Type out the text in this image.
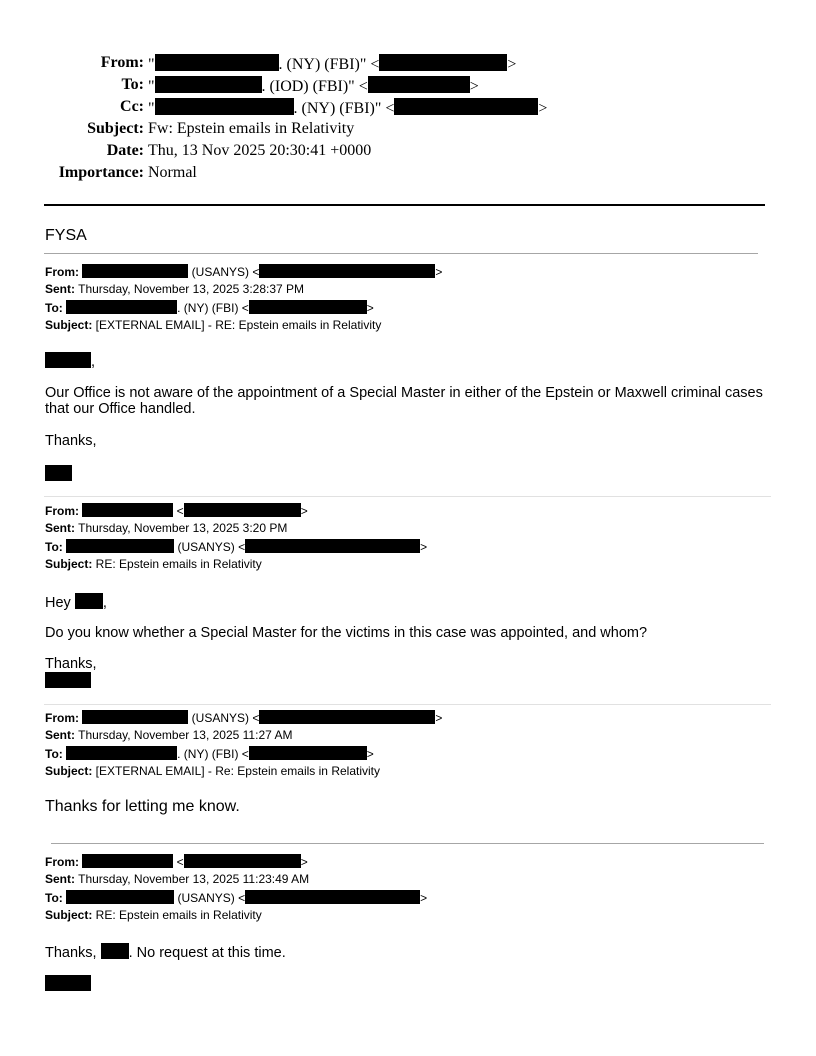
From: "	. (NY) (FBI)" <	>
To: "	. (IOD) (FBI)" <	>
Cc: "	. (NY) (FBI)" <	>
Subject: Fw: Epstein emails in Relativity
Date: Thu, 13 Nov 2025 20:30:41 +0000
Importance: Normal
FYSA
From:	(USANYS) <	>
Sent: Thursday, November 13, 2025 3:28:37 PM
To:	. (NY) (FBI) <	>
Subject: [EXTERNAL EMAIL] - RE: Epstein emails in Relativity
,
Our Office is not aware of the appointment of a Special Master in either of the Epstein or Maxwell criminal cases that our Office handled.
Thanks,
From:	<	>
Sent: Thursday, November 13, 2025 3:20 PM
To:	(USANYS) <	>
Subject: RE: Epstein emails in Relativity
Hey ,
Do you know whether a Special Master for the victims in this case was appointed, and whom?
Thanks,
From:	(USANYS) <	>
Sent: Thursday, November 13, 2025 11:27 AM
To:	. (NY) (FBI) <	>
Subject: [EXTERNAL EMAIL] - Re: Epstein emails in Relativity
Thanks for letting me know.
From:	<	>
Sent: Thursday, November 13, 2025 11:23:49 AM
To:	(USANYS) <	>
Subject: RE: Epstein emails in Relativity
Thanks, . No request at this time.
